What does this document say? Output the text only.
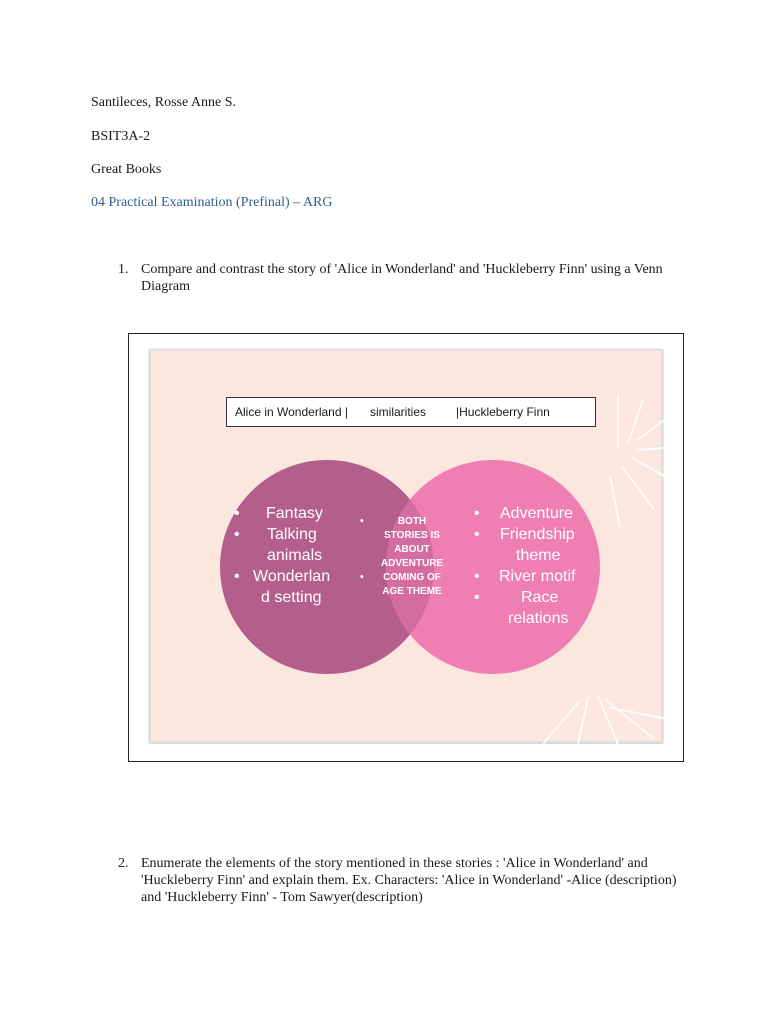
Santileces, Rosse Anne S.
BSIT3A-2
Great Books
04 Practical Examination (Prefinal) – ARG
1. Compare and contrast the story of 'Alice in Wonderland' and 'Huckleberry Finn' using a Venn Diagram
Alice in Wonderland | similarities |Huckleberry Finn
• Fantasy
• Talking
animals
• Wonderlan
d setting
•	BOTH
STORIES IS
ABOUT
ADVENTURE
• COMING OF
AGE THEME
• Adventure
• Friendship
theme
• River motif
•	Race
relations
2. Enumerate the elements of the story mentioned in these stories : 'Alice in Wonderland' and 'Huckleberry Finn' and explain them. Ex. Characters: 'Alice in Wonderland' -Alice (description) and 'Huckleberry Finn' - Tom Sawyer(description)
